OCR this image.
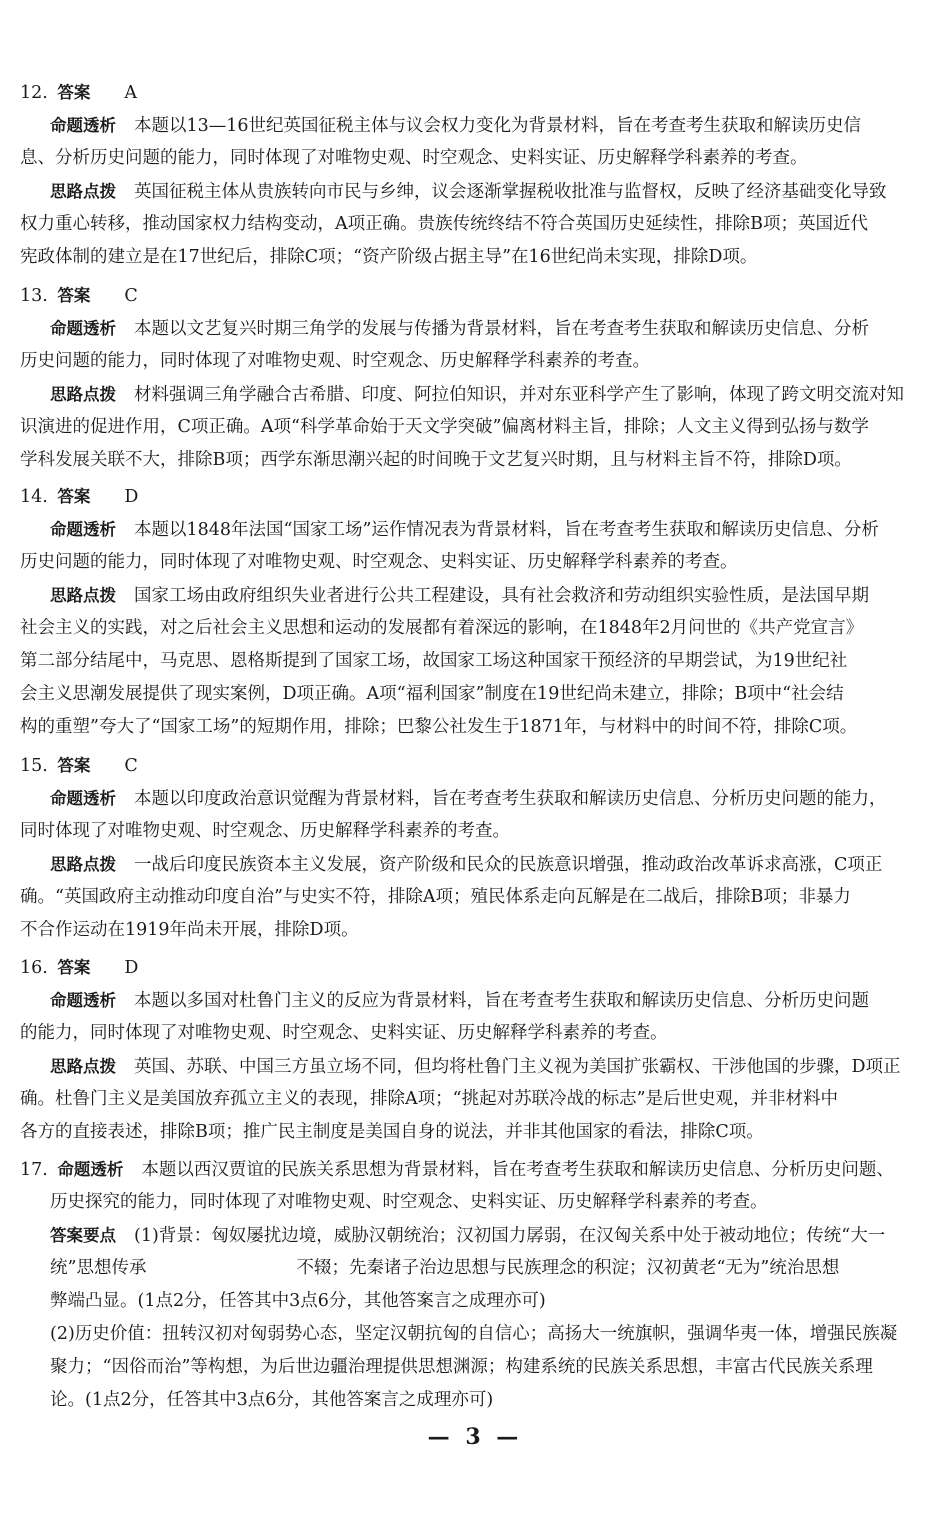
12. 答案 A
命题透析 本题以13—16世纪英国征税主体与议会权力变化为背景材料，旨在考查考生获取和解读历史信
息、分析历史问题的能力，同时体现了对唯物史观、时空观念、史料实证、历史解释学科素养的考查。
思路点拨 英国征税主体从贵族转向市民与乡绅，议会逐渐掌握税收批准与监督权，反映了经济基础变化导致
权力重心转移，推动国家权力结构变动，A项正确。贵族传统终结不符合英国历史延续性，排除B项；英国近代
宪政体制的建立是在17世纪后，排除C项；“资产阶级占据主导”在16世纪尚未实现，排除D项。
13. 答案 C
命题透析 本题以文艺复兴时期三角学的发展与传播为背景材料，旨在考查考生获取和解读历史信息、分析
历史问题的能力，同时体现了对唯物史观、时空观念、历史解释学科素养的考查。
思路点拨 材料强调三角学融合古希腊、印度、阿拉伯知识，并对东亚科学产生了影响，体现了跨文明交流对知
识演进的促进作用，C项正确。A项“科学革命始于天文学突破”偏离材料主旨，排除；人文主义得到弘扬与数学
学科发展关联不大，排除B项；西学东渐思潮兴起的时间晚于文艺复兴时期，且与材料主旨不符，排除D项。
14. 答案 D
命题透析 本题以1848年法国“国家工场”运作情况表为背景材料，旨在考查考生获取和解读历史信息、分析
历史问题的能力，同时体现了对唯物史观、时空观念、史料实证、历史解释学科素养的考查。
思路点拨 国家工场由政府组织失业者进行公共工程建设，具有社会救济和劳动组织实验性质，是法国早期
社会主义的实践，对之后社会主义思想和运动的发展都有着深远的影响，在1848年2月问世的《共产党宣言》
第二部分结尾中，马克思、恩格斯提到了国家工场，故国家工场这种国家干预经济的早期尝试，为19世纪社
会主义思潮发展提供了现实案例，D项正确。A项“福利国家”制度在19世纪尚未建立，排除；B项中“社会结
构的重塑”夸大了“国家工场”的短期作用，排除；巴黎公社发生于1871年，与材料中的时间不符，排除C项。
15. 答案 C
命题透析 本题以印度政治意识觉醒为背景材料，旨在考查考生获取和解读历史信息、分析历史问题的能力，
同时体现了对唯物史观、时空观念、历史解释学科素养的考查。
思路点拨 一战后印度民族资本主义发展，资产阶级和民众的民族意识增强，推动政治改革诉求高涨，C项正
确。“英国政府主动推动印度自治”与史实不符，排除A项；殖民体系走向瓦解是在二战后，排除B项；非暴力
不合作运动在1919年尚未开展，排除D项。
16. 答案 D
命题透析 本题以多国对杜鲁门主义的反应为背景材料，旨在考查考生获取和解读历史信息、分析历史问题
的能力，同时体现了对唯物史观、时空观念、史料实证、历史解释学科素养的考查。
思路点拨 英国、苏联、中国三方虽立场不同，但均将杜鲁门主义视为美国扩张霸权、干涉他国的步骤，D项正
确。杜鲁门主义是美国放弃孤立主义的表现，排除A项；“挑起对苏联冷战的标志”是后世史观，并非材料中
各方的直接表述，排除B项；推广民主制度是美国自身的说法，并非其他国家的看法，排除C项。
17. 命题透析 本题以西汉贾谊的民族关系思想为背景材料，旨在考查考生获取和解读历史信息、分析历史问题、
历史探究的能力，同时体现了对唯物史观、时空观念、史料实证、历史解释学科素养的考查。
答案要点 (1)背景：匈奴屡扰边境，威胁汉朝统治；汉初国力孱弱，在汉匈关系中处于被动地位；传统“大一
统”思想传承	不辍；先秦诸子治边思想与民族理念的积淀；汉初黄老“无为”统治思想
弊端凸显。(1点2分，任答其中3点6分，其他答案言之成理亦可)
(2)历史价值：扭转汉初对匈弱势心态，坚定汉朝抗匈的自信心；高扬大一统旗帜，强调华夷一体，增强民族凝
聚力；“因俗而治”等构想，为后世边疆治理提供思想渊源；构建系统的民族关系思想，丰富古代民族关系理
论。(1点2分，任答其中3点6分，其他答案言之成理亦可)
— 3 —
